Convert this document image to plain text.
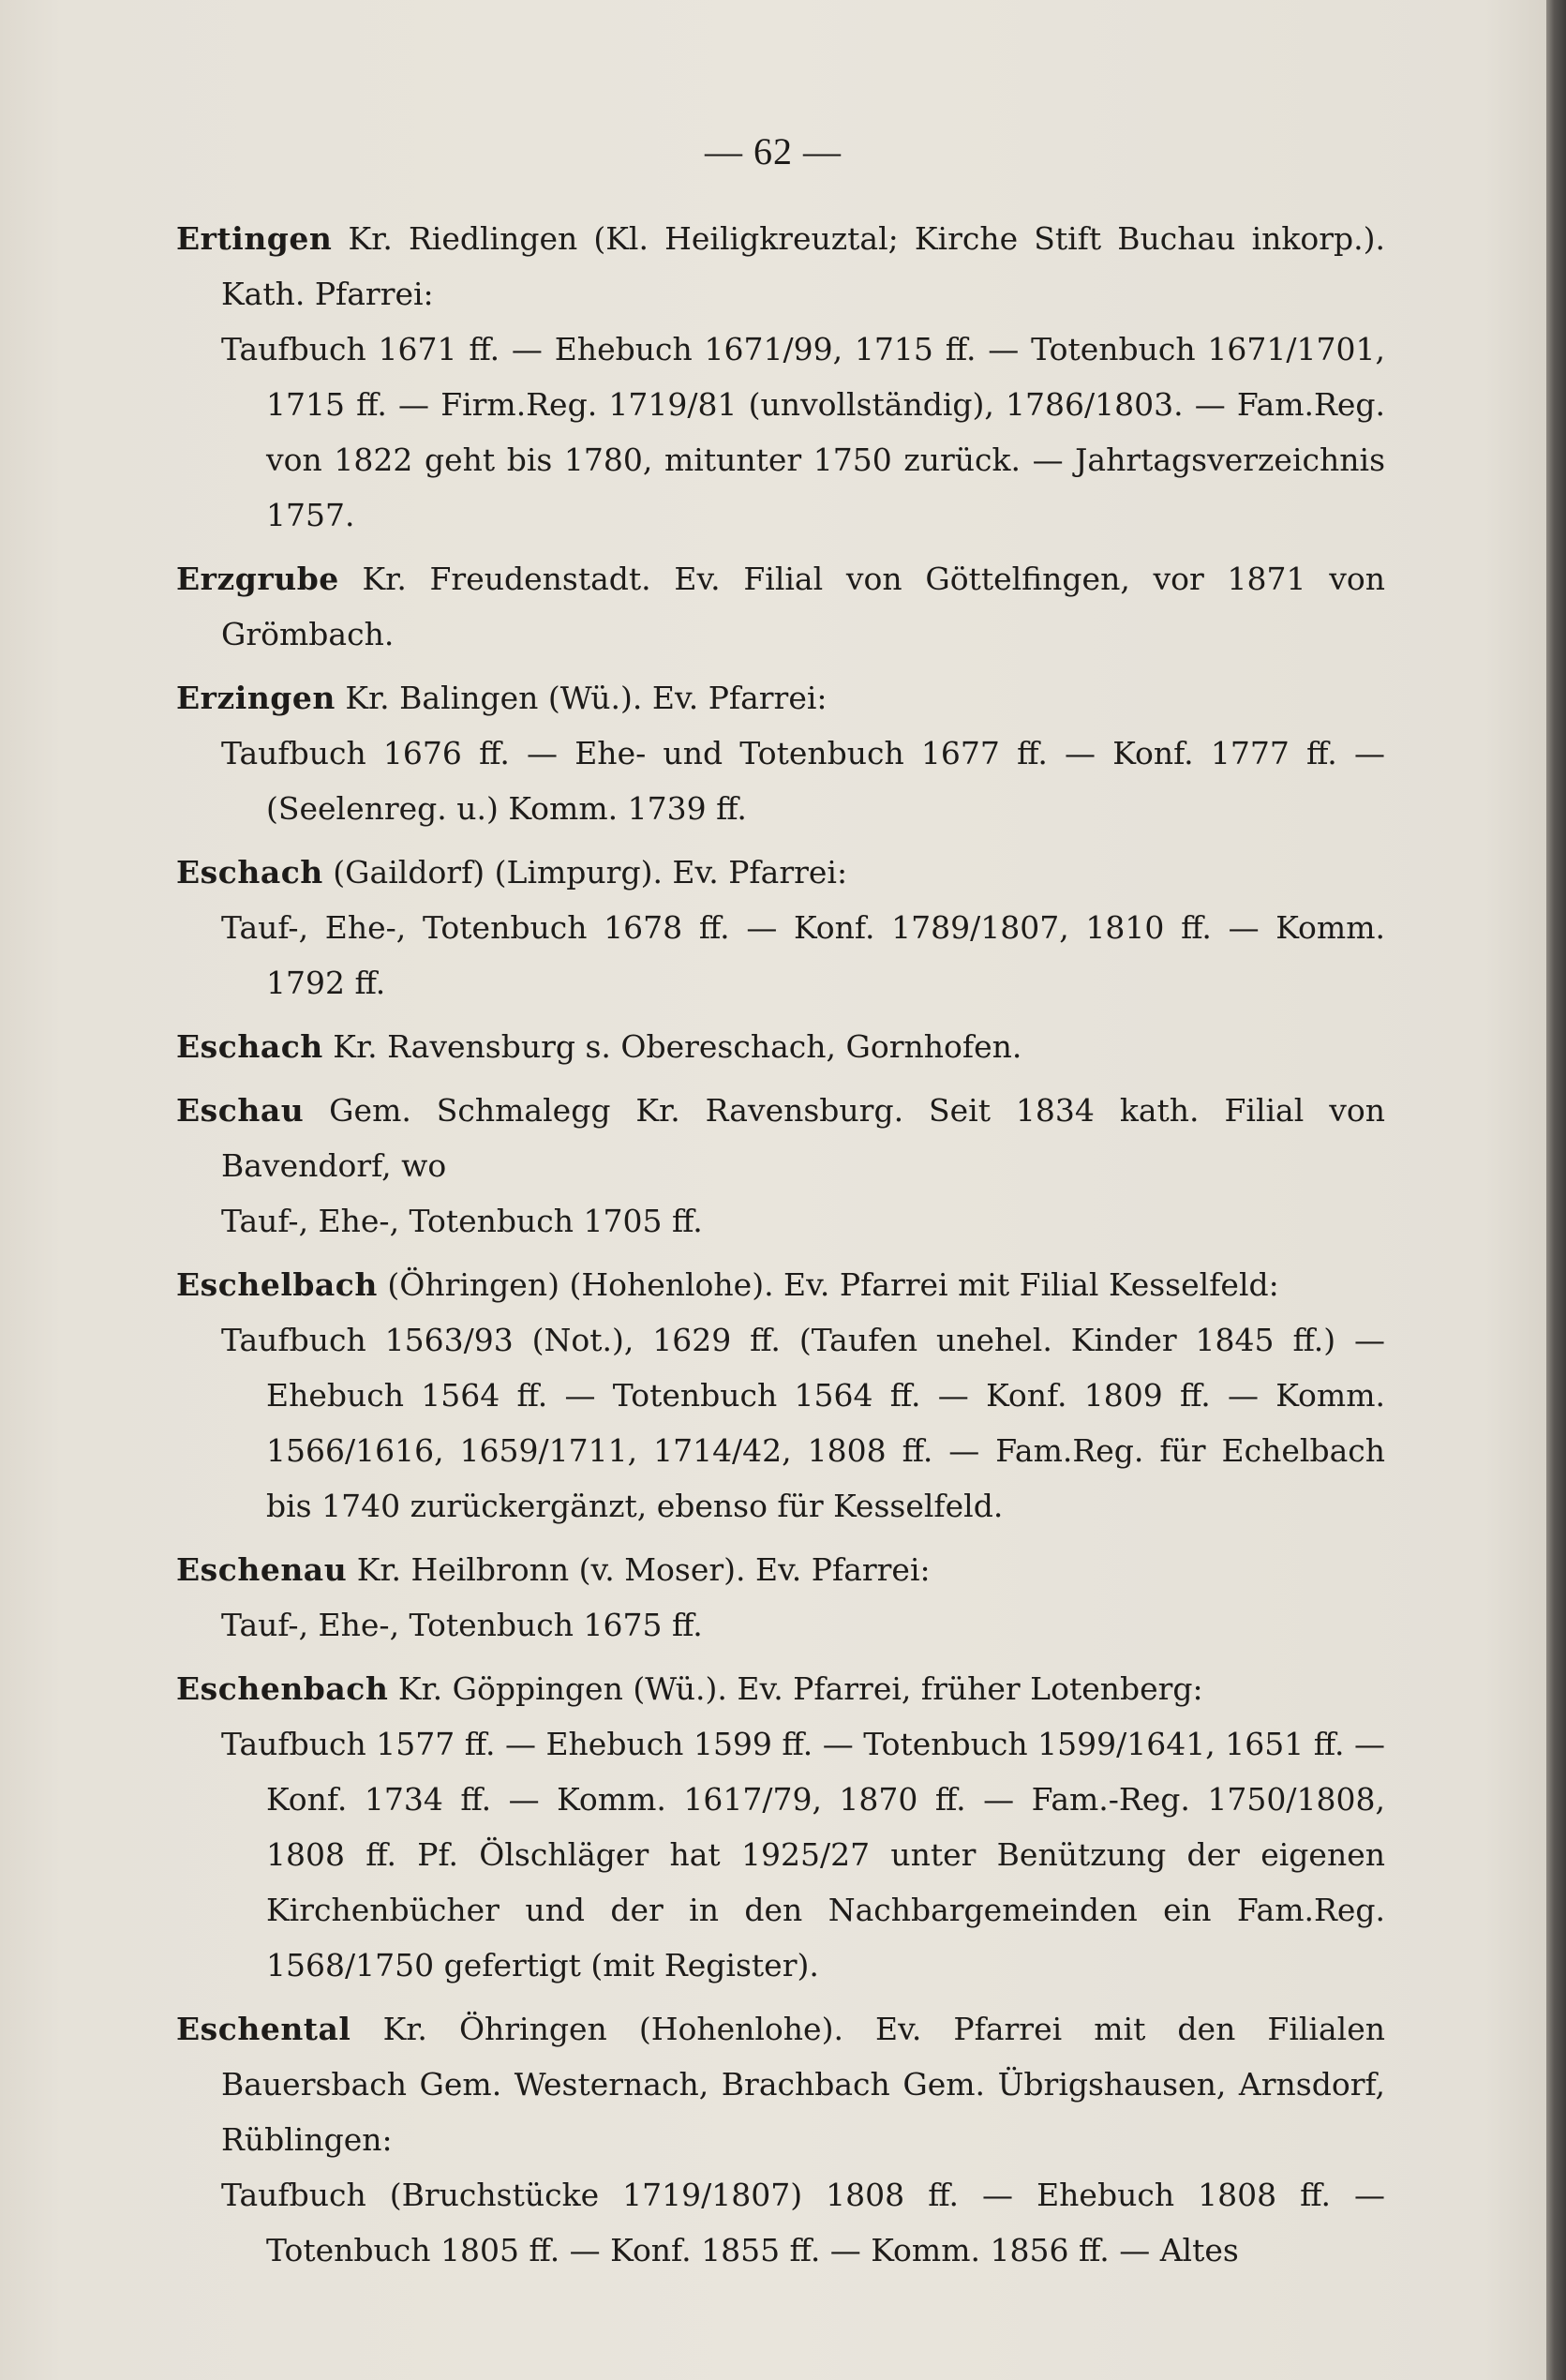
— 62 —
Ertingen Kr. Riedlingen (Kl. Heiligkreuztal; Kirche Stift Buchau inkorp.). Kath. Pfarrei:
Taufbuch 1671 ff. — Ehebuch 1671/99, 1715 ff. — Totenbuch 1671/1701, 1715 ff. — Firm.Reg. 1719/81 (unvollständig), 1786/1803. — Fam.Reg. von 1822 geht bis 1780, mitunter 1750 zurück. — Jahrtagsverzeichnis 1757.
Erzgrube Kr. Freudenstadt. Ev. Filial von Göttelfingen, vor 1871 von Grömbach.
Erzingen Kr. Balingen (Wü.). Ev. Pfarrei:
Taufbuch 1676 ff. — Ehe- und Totenbuch 1677 ff. — Konf. 1777 ff. — (Seelenreg. u.) Komm. 1739 ff.
Eschach (Gaildorf) (Limpurg). Ev. Pfarrei:
Tauf-, Ehe-, Totenbuch 1678 ff. — Konf. 1789/1807, 1810 ff. — Komm. 1792 ff.
Eschach Kr. Ravensburg s. Obereschach, Gornhofen.
Eschau Gem. Schmalegg Kr. Ravensburg. Seit 1834 kath. Filial von Bavendorf, wo
Tauf-, Ehe-, Totenbuch 1705 ff.
Eschelbach (Öhringen) (Hohenlohe). Ev. Pfarrei mit Filial Kesselfeld:
Taufbuch 1563/93 (Not.), 1629 ff. (Taufen unehel. Kinder 1845 ff.) — Ehebuch 1564 ff. — Totenbuch 1564 ff. — Konf. 1809 ff. — Komm. 1566/1616, 1659/1711, 1714/42, 1808 ff. — Fam.Reg. für Echelbach bis 1740 zurückergänzt, ebenso für Kesselfeld.
Eschenau Kr. Heilbronn (v. Moser). Ev. Pfarrei:
Tauf-, Ehe-, Totenbuch 1675 ff.
Eschenbach Kr. Göppingen (Wü.). Ev. Pfarrei, früher Lotenberg:
Taufbuch 1577 ff. — Ehebuch 1599 ff. — Totenbuch 1599/1641, 1651 ff. — Konf. 1734 ff. — Komm. 1617/79, 1870 ff. — Fam.-Reg. 1750/1808, 1808 ff. Pf. Ölschläger hat 1925/27 unter Benützung der eigenen Kirchenbücher und der in den Nachbargemeinden ein Fam.Reg. 1568/1750 gefertigt (mit Register).
Eschental Kr. Öhringen (Hohenlohe). Ev. Pfarrei mit den Filialen Bauersbach Gem. Westernach, Brachbach Gem. Übrigshausen, Arnsdorf, Rüblingen:
Taufbuch (Bruchstücke 1719/1807) 1808 ff. — Ehebuch 1808 ff. — Totenbuch 1805 ff. — Konf. 1855 ff. — Komm. 1856 ff. — Altes
